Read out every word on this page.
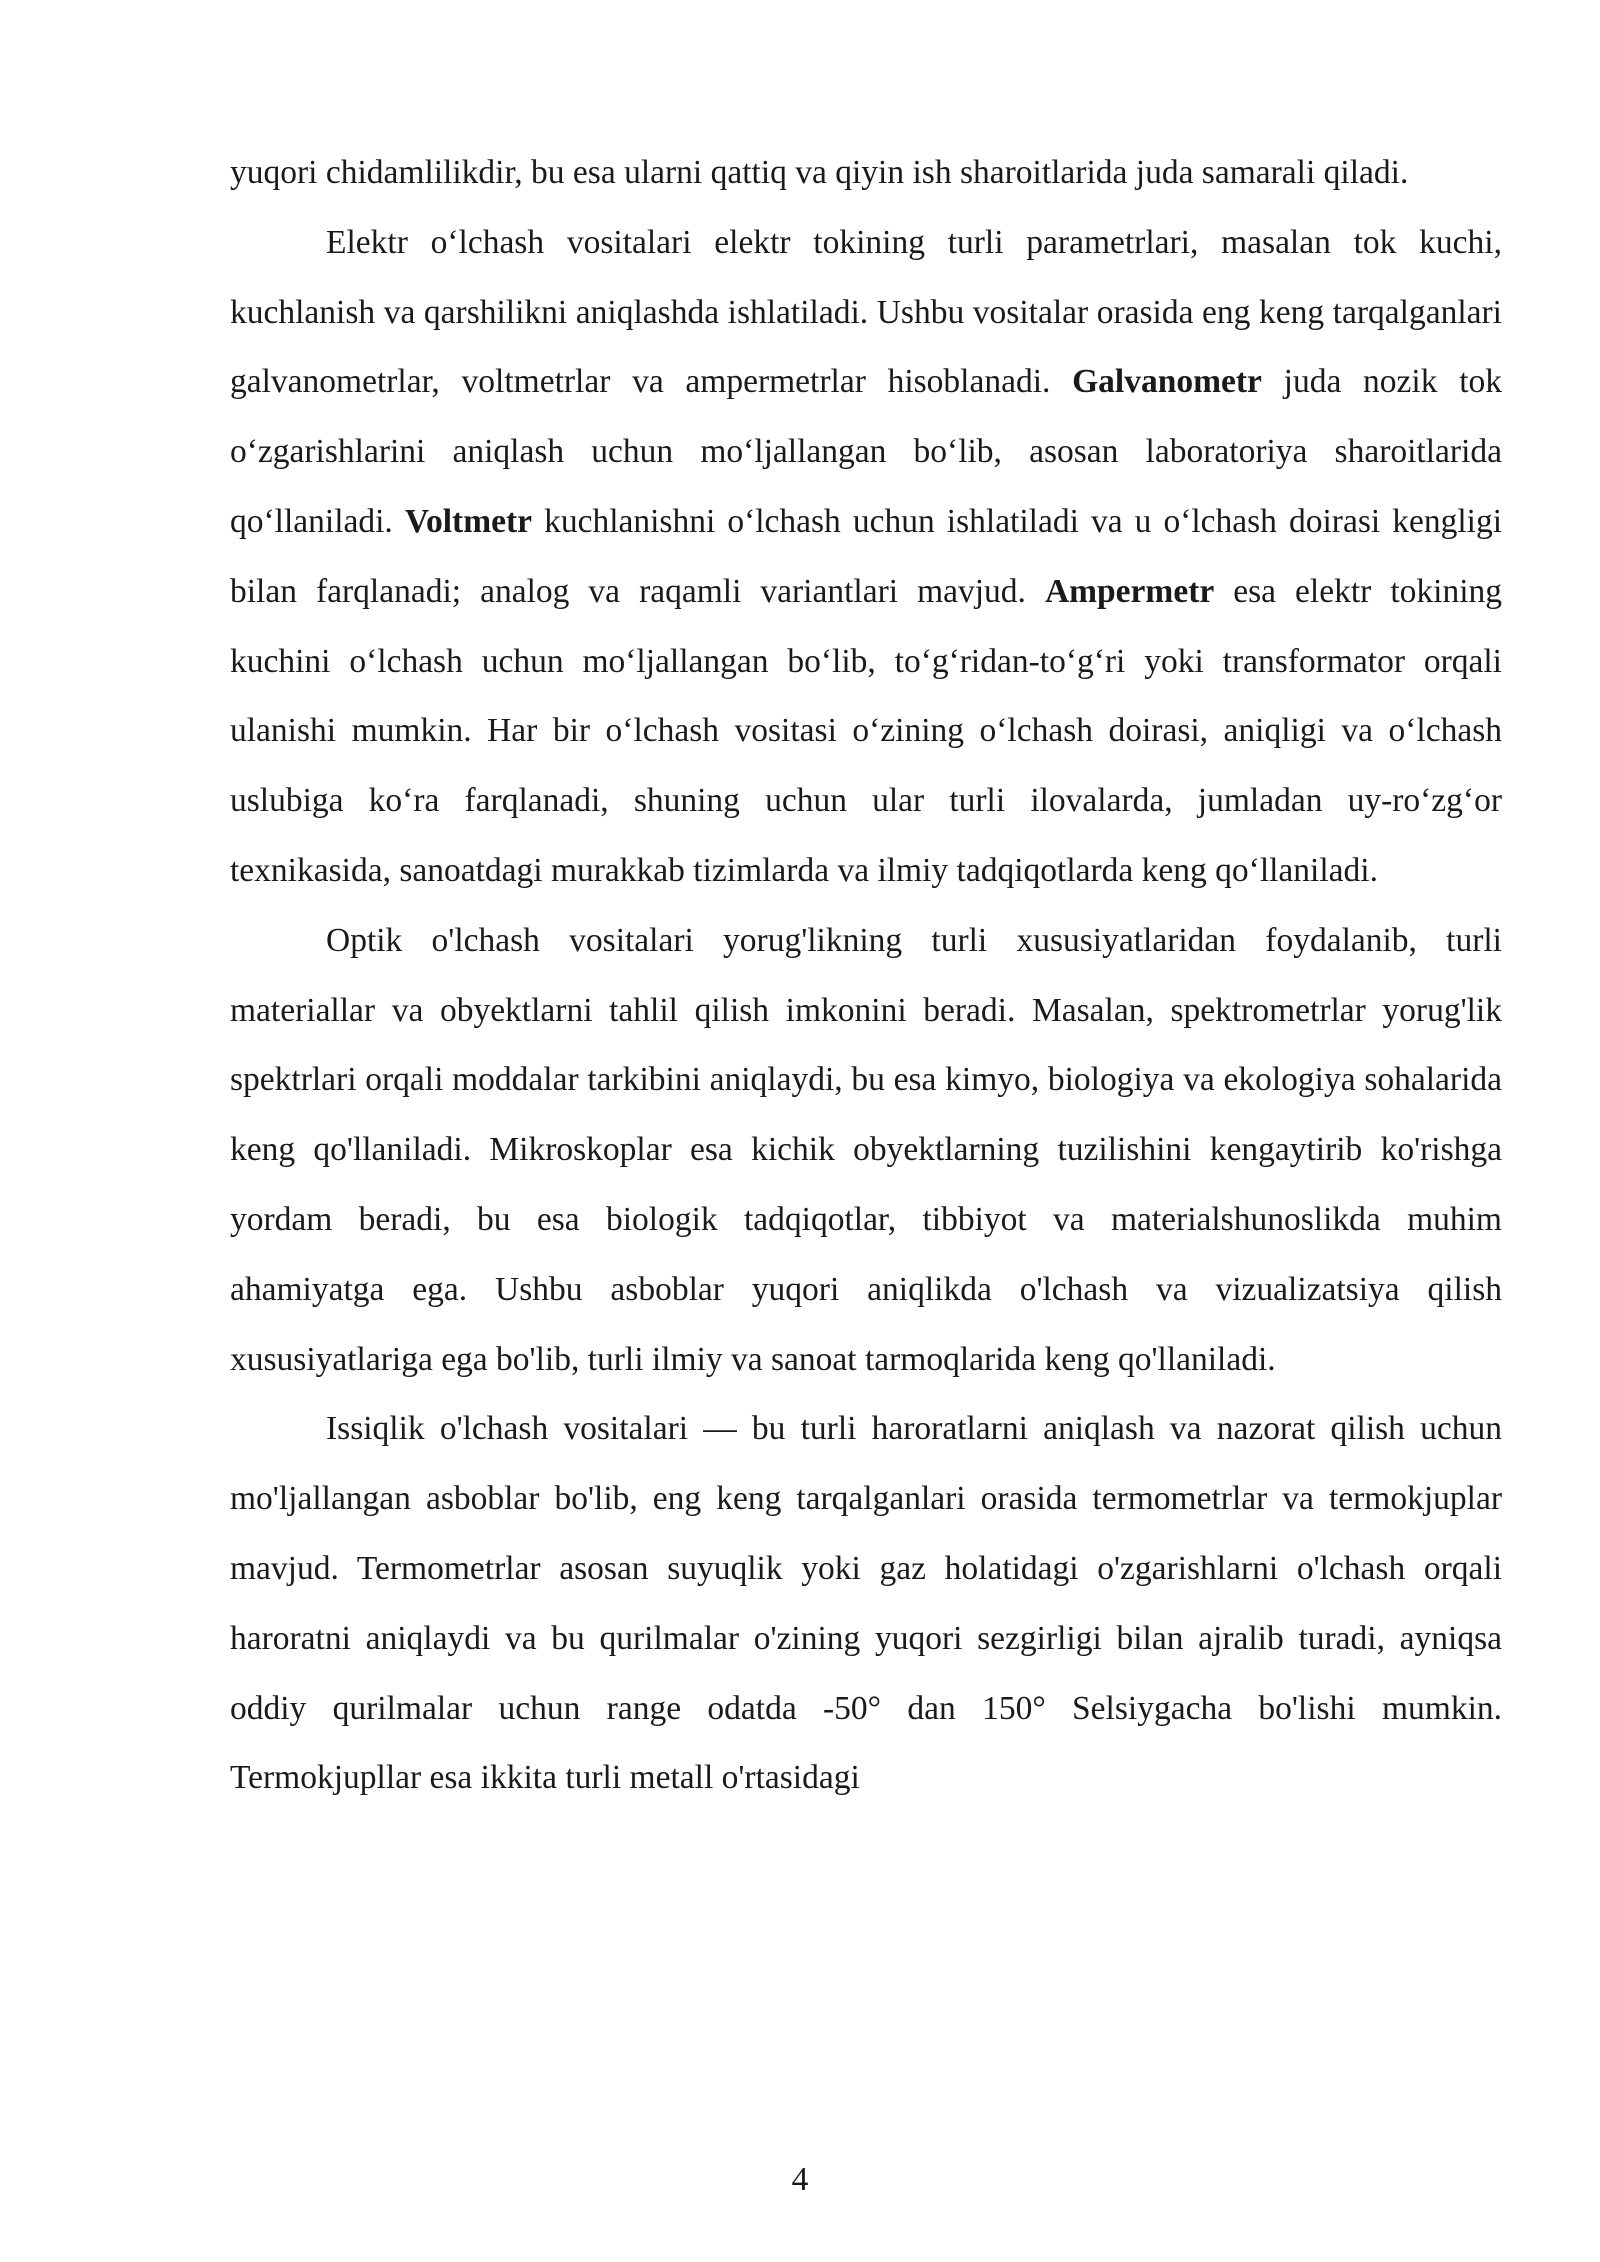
yuqori chidamlilikdir, bu esa ularni qattiq va qiyin ish sharoitlarida juda samarali qiladi.

Elektr o‘lchash vositalari elektr tokining turli parametrlari, masalan tok kuchi, kuchlanish va qarshilikni aniqlashda ishlatiladi. Ushbu vositalar orasida eng keng tarqalganlari galvanometrlar, voltmetrlar va ampermetrlar hisoblanadi. Galvanometr juda nozik tok o‘zgarishlarini aniqlash uchun mo‘ljallangan bo‘lib, asosan laboratoriya sharoitlarida qo‘llaniladi. Voltmetr kuchlanishni o‘lchash uchun ishlatiladi va u o‘lchash doirasi kengligi bilan farqlanadi; analog va raqamli variantlari mavjud. Ampermetr esa elektr tokining kuchini o‘lchash uchun mo‘ljallangan bo‘lib, to‘g‘ridan-to‘g‘ri yoki transformator orqali ulanishi mumkin. Har bir o‘lchash vositasi o‘zining o‘lchash doirasi, aniqligi va o‘lchash uslubiga ko‘ra farqlanadi, shuning uchun ular turli ilovalarda, jumladan uy-ro‘zg‘or texnikasida, sanoatdagi murakkab tizimlarda va ilmiy tadqiqotlarda keng qo‘llaniladi.

Optik o'lchash vositalari yorug'likning turli xususiyatlaridan foydalanib, turli materiallar va obyektlarni tahlil qilish imkonini beradi. Masalan, spektrometrlar yorug'lik spektrlari orqali moddalar tarkibini aniqlaydi, bu esa kimyo, biologiya va ekologiya sohalarida keng qo'llaniladi. Mikroskoplar esa kichik obyektlarning tuzilishini kengaytirib ko'rishga yordam beradi, bu esa biologik tadqiqotlar, tibbiyot va materialshunoslikda muhim ahamiyatga ega. Ushbu asboblar yuqori aniqlikda o'lchash va vizualizatsiya qilish xususiyatlariga ega bo'lib, turli ilmiy va sanoat tarmoqlarida keng qo'llaniladi.

Issiqlik o'lchash vositalari — bu turli haroratlarni aniqlash va nazorat qilish uchun mo'ljallangan asboblar bo'lib, eng keng tarqalganlari orasida termometrlar va termokjuplar mavjud. Termometrlar asosan suyuqlik yoki gaz holatidagi o'zgarishlarni o'lchash orqali haroratni aniqlaydi va bu qurilmalar o'zining yuqori sezgirligi bilan ajralib turadi, ayniqsa oddiy qurilmalar uchun range odatda -50° dan 150° Selsiygacha bo'lishi mumkin. Termokjupllar esa ikkita turli metall o'rtasidagi

4
